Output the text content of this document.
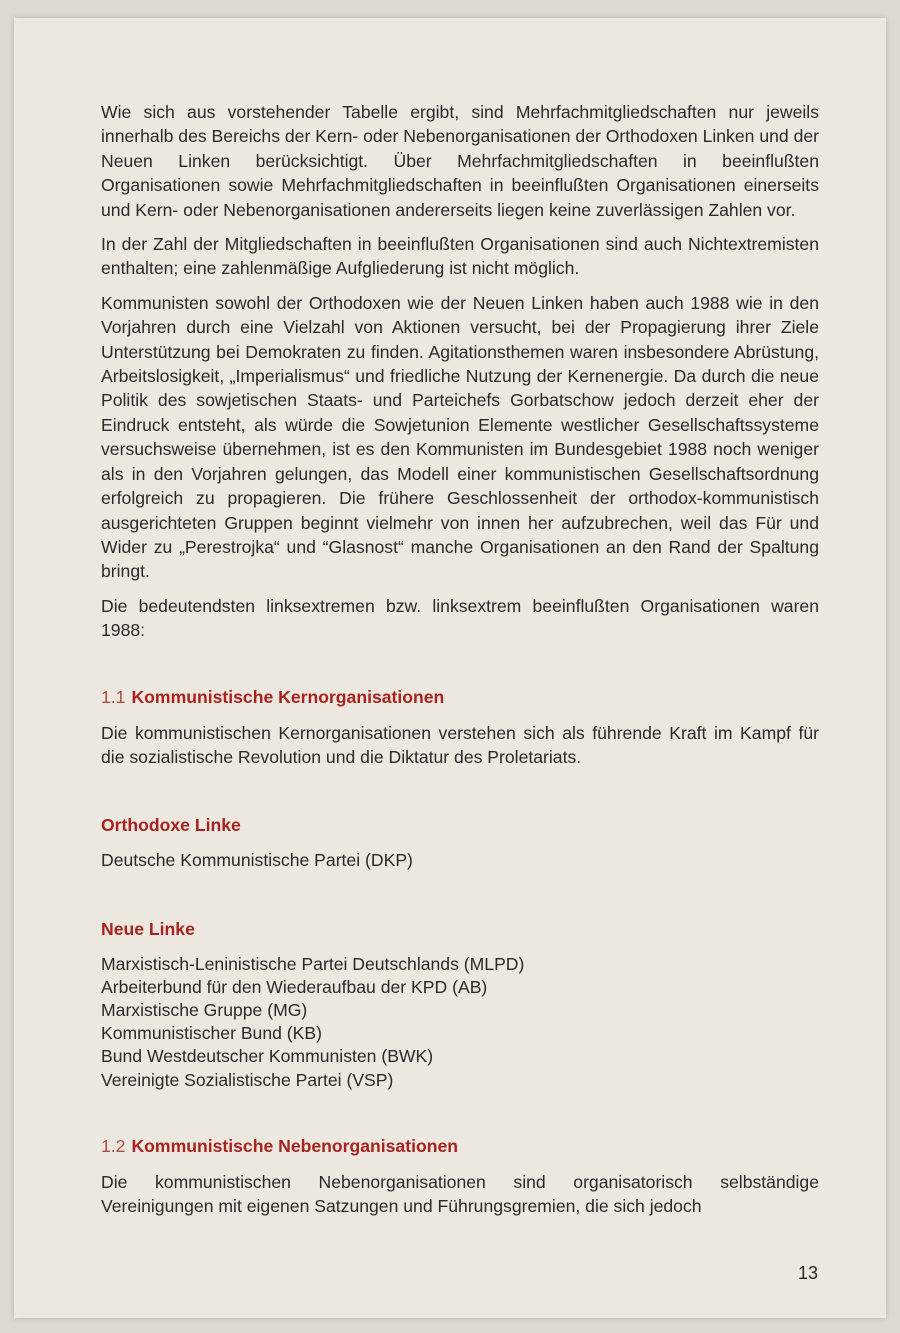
Wie sich aus vorstehender Tabelle ergibt, sind Mehrfachmitgliedschaften nur jeweils innerhalb des Bereichs der Kern- oder Nebenorganisationen der Orthodoxen Linken und der Neuen Linken berücksichtigt. Über Mehrfachmitgliedschaften in beeinflußten Organisationen sowie Mehrfachmitgliedschaften in beeinflußten Organisationen einerseits und Kern- oder Nebenorganisationen andererseits liegen keine zuverlässigen Zahlen vor.

In der Zahl der Mitgliedschaften in beeinflußten Organisationen sind auch Nichtextremisten enthalten; eine zahlenmäßige Aufgliederung ist nicht möglich.

Kommunisten sowohl der Orthodoxen wie der Neuen Linken haben auch 1988 wie in den Vorjahren durch eine Vielzahl von Aktionen versucht, bei der Propagierung ihrer Ziele Unterstützung bei Demokraten zu finden. Agitationsthemen waren insbesondere Abrüstung, Arbeitslosigkeit, „Imperialismus“ und friedliche Nutzung der Kernenergie. Da durch die neue Politik des sowjetischen Staats- und Parteichefs Gorbatschow jedoch derzeit eher der Eindruck entsteht, als würde die Sowjetunion Elemente westlicher Gesellschaftssysteme versuchsweise übernehmen, ist es den Kommunisten im Bundesgebiet 1988 noch weniger als in den Vorjahren gelungen, das Modell einer kommunistischen Gesellschaftsordnung erfolgreich zu propagieren. Die frühere Geschlossenheit der orthodox-kommunistisch ausgerichteten Gruppen beginnt vielmehr von innen her aufzubrechen, weil das Für und Wider zu „Perestrojka“ und “Glasnost“ manche Organisationen an den Rand der Spaltung bringt.

Die bedeutendsten linksextremen bzw. linksextrem beeinflußten Organisationen waren 1988:

1.1 Kommunistische Kernorganisationen

Die kommunistischen Kernorganisationen verstehen sich als führende Kraft im Kampf für die sozialistische Revolution und die Diktatur des Proletariats.

Orthodoxe Linke
Deutsche Kommunistische Partei (DKP)
Neue Linke
Marxistisch-Leninistische Partei Deutschlands (MLPD)
Arbeiterbund für den Wiederaufbau der KPD (AB)
Marxistische Gruppe (MG)
Kommunistischer Bund (KB)
Bund Westdeutscher Kommunisten (BWK)
Vereinigte Sozialistische Partei (VSP)
1.2 Kommunistische Nebenorganisationen

Die kommunistischen Nebenorganisationen sind organisatorisch selbständige Vereinigungen mit eigenen Satzungen und Führungsgremien, die sich jedoch

13
